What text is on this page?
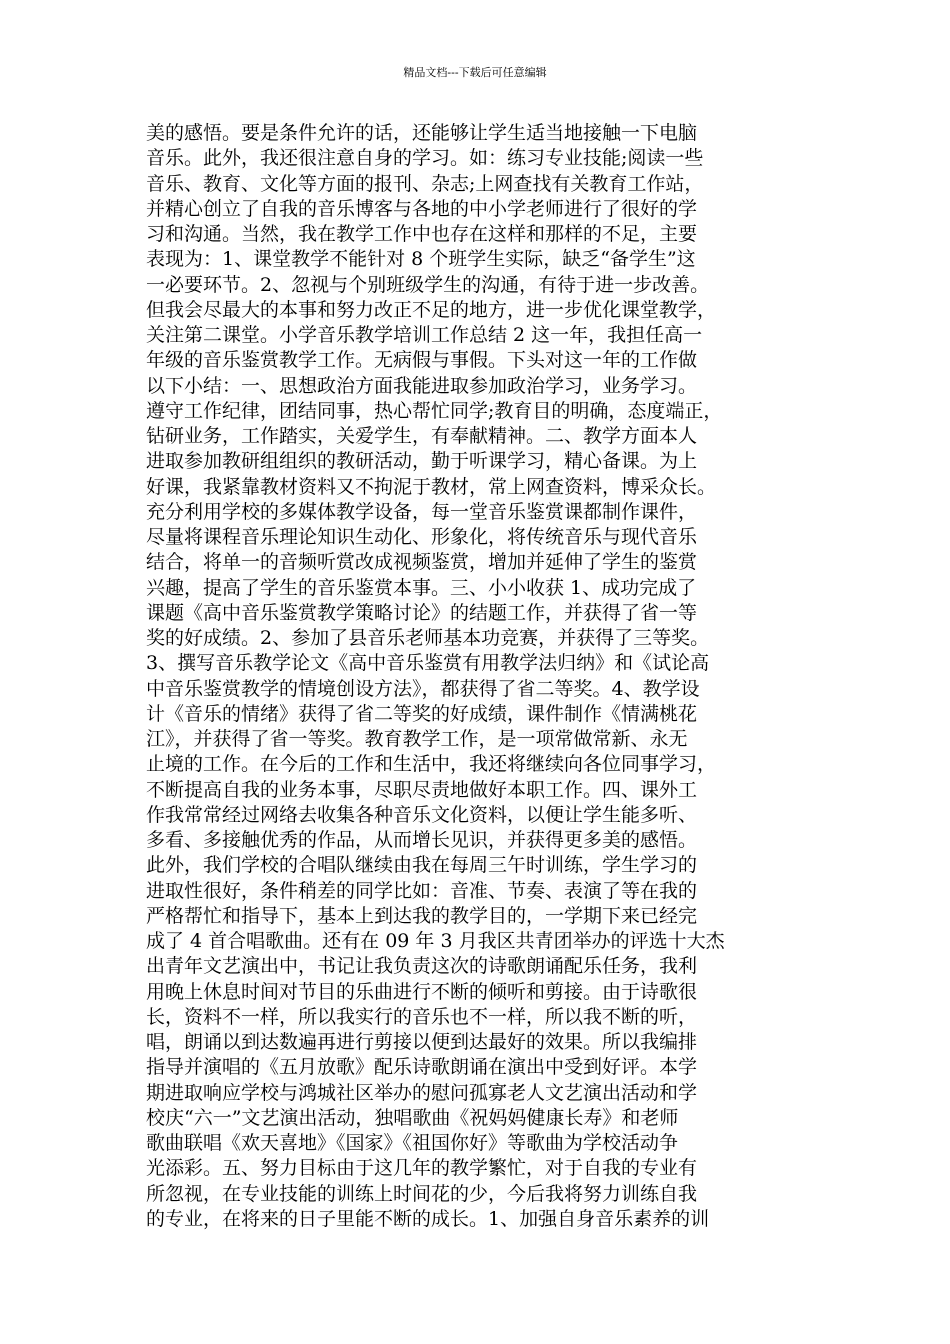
精品文档---下载后可任意编辑
美的感悟。要是条件允许的话，还能够让学生适当地接触一下电脑
音乐。此外，我还很注意自身的学习。如：练习专业技能;阅读一些
音乐、教育、文化等方面的报刊、杂志;上网查找有关教育工作站，
并精心创立了自我的音乐博客与各地的中小学老师进行了很好的学
习和沟通。当然，我在教学工作中也存在这样和那样的不足，主要
表现为：1、课堂教学不能针对 8 个班学生实际，缺乏“备学生”这
一必要环节。2、忽视与个别班级学生的沟通，有待于进一步改善。
但我会尽最大的本事和努力改正不足的地方，进一步优化课堂教学，
关注第二课堂。小学音乐教学培训工作总结 2 这一年，我担任高一
年级的音乐鉴赏教学工作。无病假与事假。下头对这一年的工作做
以下小结：一、思想政治方面我能进取参加政治学习，业务学习。
遵守工作纪律，团结同事，热心帮忙同学;教育目的明确，态度端正，
钻研业务，工作踏实，关爱学生，有奉献精神。二、教学方面本人
进取参加教研组组织的教研活动，勤于听课学习，精心备课。为上
好课，我紧靠教材资料又不拘泥于教材，常上网查资料，博采众长。
充分利用学校的多媒体教学设备，每一堂音乐鉴赏课都制作课件，
尽量将课程音乐理论知识生动化、形象化，将传统音乐与现代音乐
结合，将单一的音频听赏改成视频鉴赏，增加并延伸了学生的鉴赏
兴趣，提高了学生的音乐鉴赏本事。三、小小收获 1、成功完成了
课题《高中音乐鉴赏教学策略讨论》的结题工作，并获得了省一等
奖的好成绩。2、参加了县音乐老师基本功竞赛，并获得了三等奖。
3、撰写音乐教学论文《高中音乐鉴赏有用教学法归纳》和《试论高
中音乐鉴赏教学的情境创设方法》，都获得了省二等奖。4、教学设
计《音乐的情绪》获得了省二等奖的好成绩，课件制作《情满桃花
江》，并获得了省一等奖。教育教学工作，是一项常做常新、永无
止境的工作。在今后的工作和生活中，我还将继续向各位同事学习，
不断提高自我的业务本事，尽职尽责地做好本职工作。四、课外工
作我常常经过网络去收集各种音乐文化资料，以便让学生能多听、
多看、多接触优秀的作品，从而增长见识，并获得更多美的感悟。
此外，我们学校的合唱队继续由我在每周三午时训练，学生学习的
进取性很好，条件稍差的同学比如：音准、节奏、表演了等在我的
严格帮忙和指导下，基本上到达我的教学目的，一学期下来已经完
成了 4 首合唱歌曲。还有在 09 年 3 月我区共青团举办的评选十大杰
出青年文艺演出中，书记让我负责这次的诗歌朗诵配乐任务，我利
用晚上休息时间对节目的乐曲进行不断的倾听和剪接。由于诗歌很
长，资料不一样，所以我实行的音乐也不一样，所以我不断的听，
唱，朗诵以到达数遍再进行剪接以便到达最好的效果。所以我编排
指导并演唱的《五月放歌》配乐诗歌朗诵在演出中受到好评。本学
期进取响应学校与鸿城社区举办的慰问孤寡老人文艺演出活动和学
校庆“六一”文艺演出活动，独唱歌曲《祝妈妈健康长寿》和老师
歌曲联唱《欢天喜地》《国家》《祖国你好》等歌曲为学校活动争
光添彩。五、努力目标由于这几年的教学繁忙，对于自我的专业有
所忽视，在专业技能的训练上时间花的少，今后我将努力训练自我
的专业，在将来的日子里能不断的成长。1、加强自身音乐素养的训
